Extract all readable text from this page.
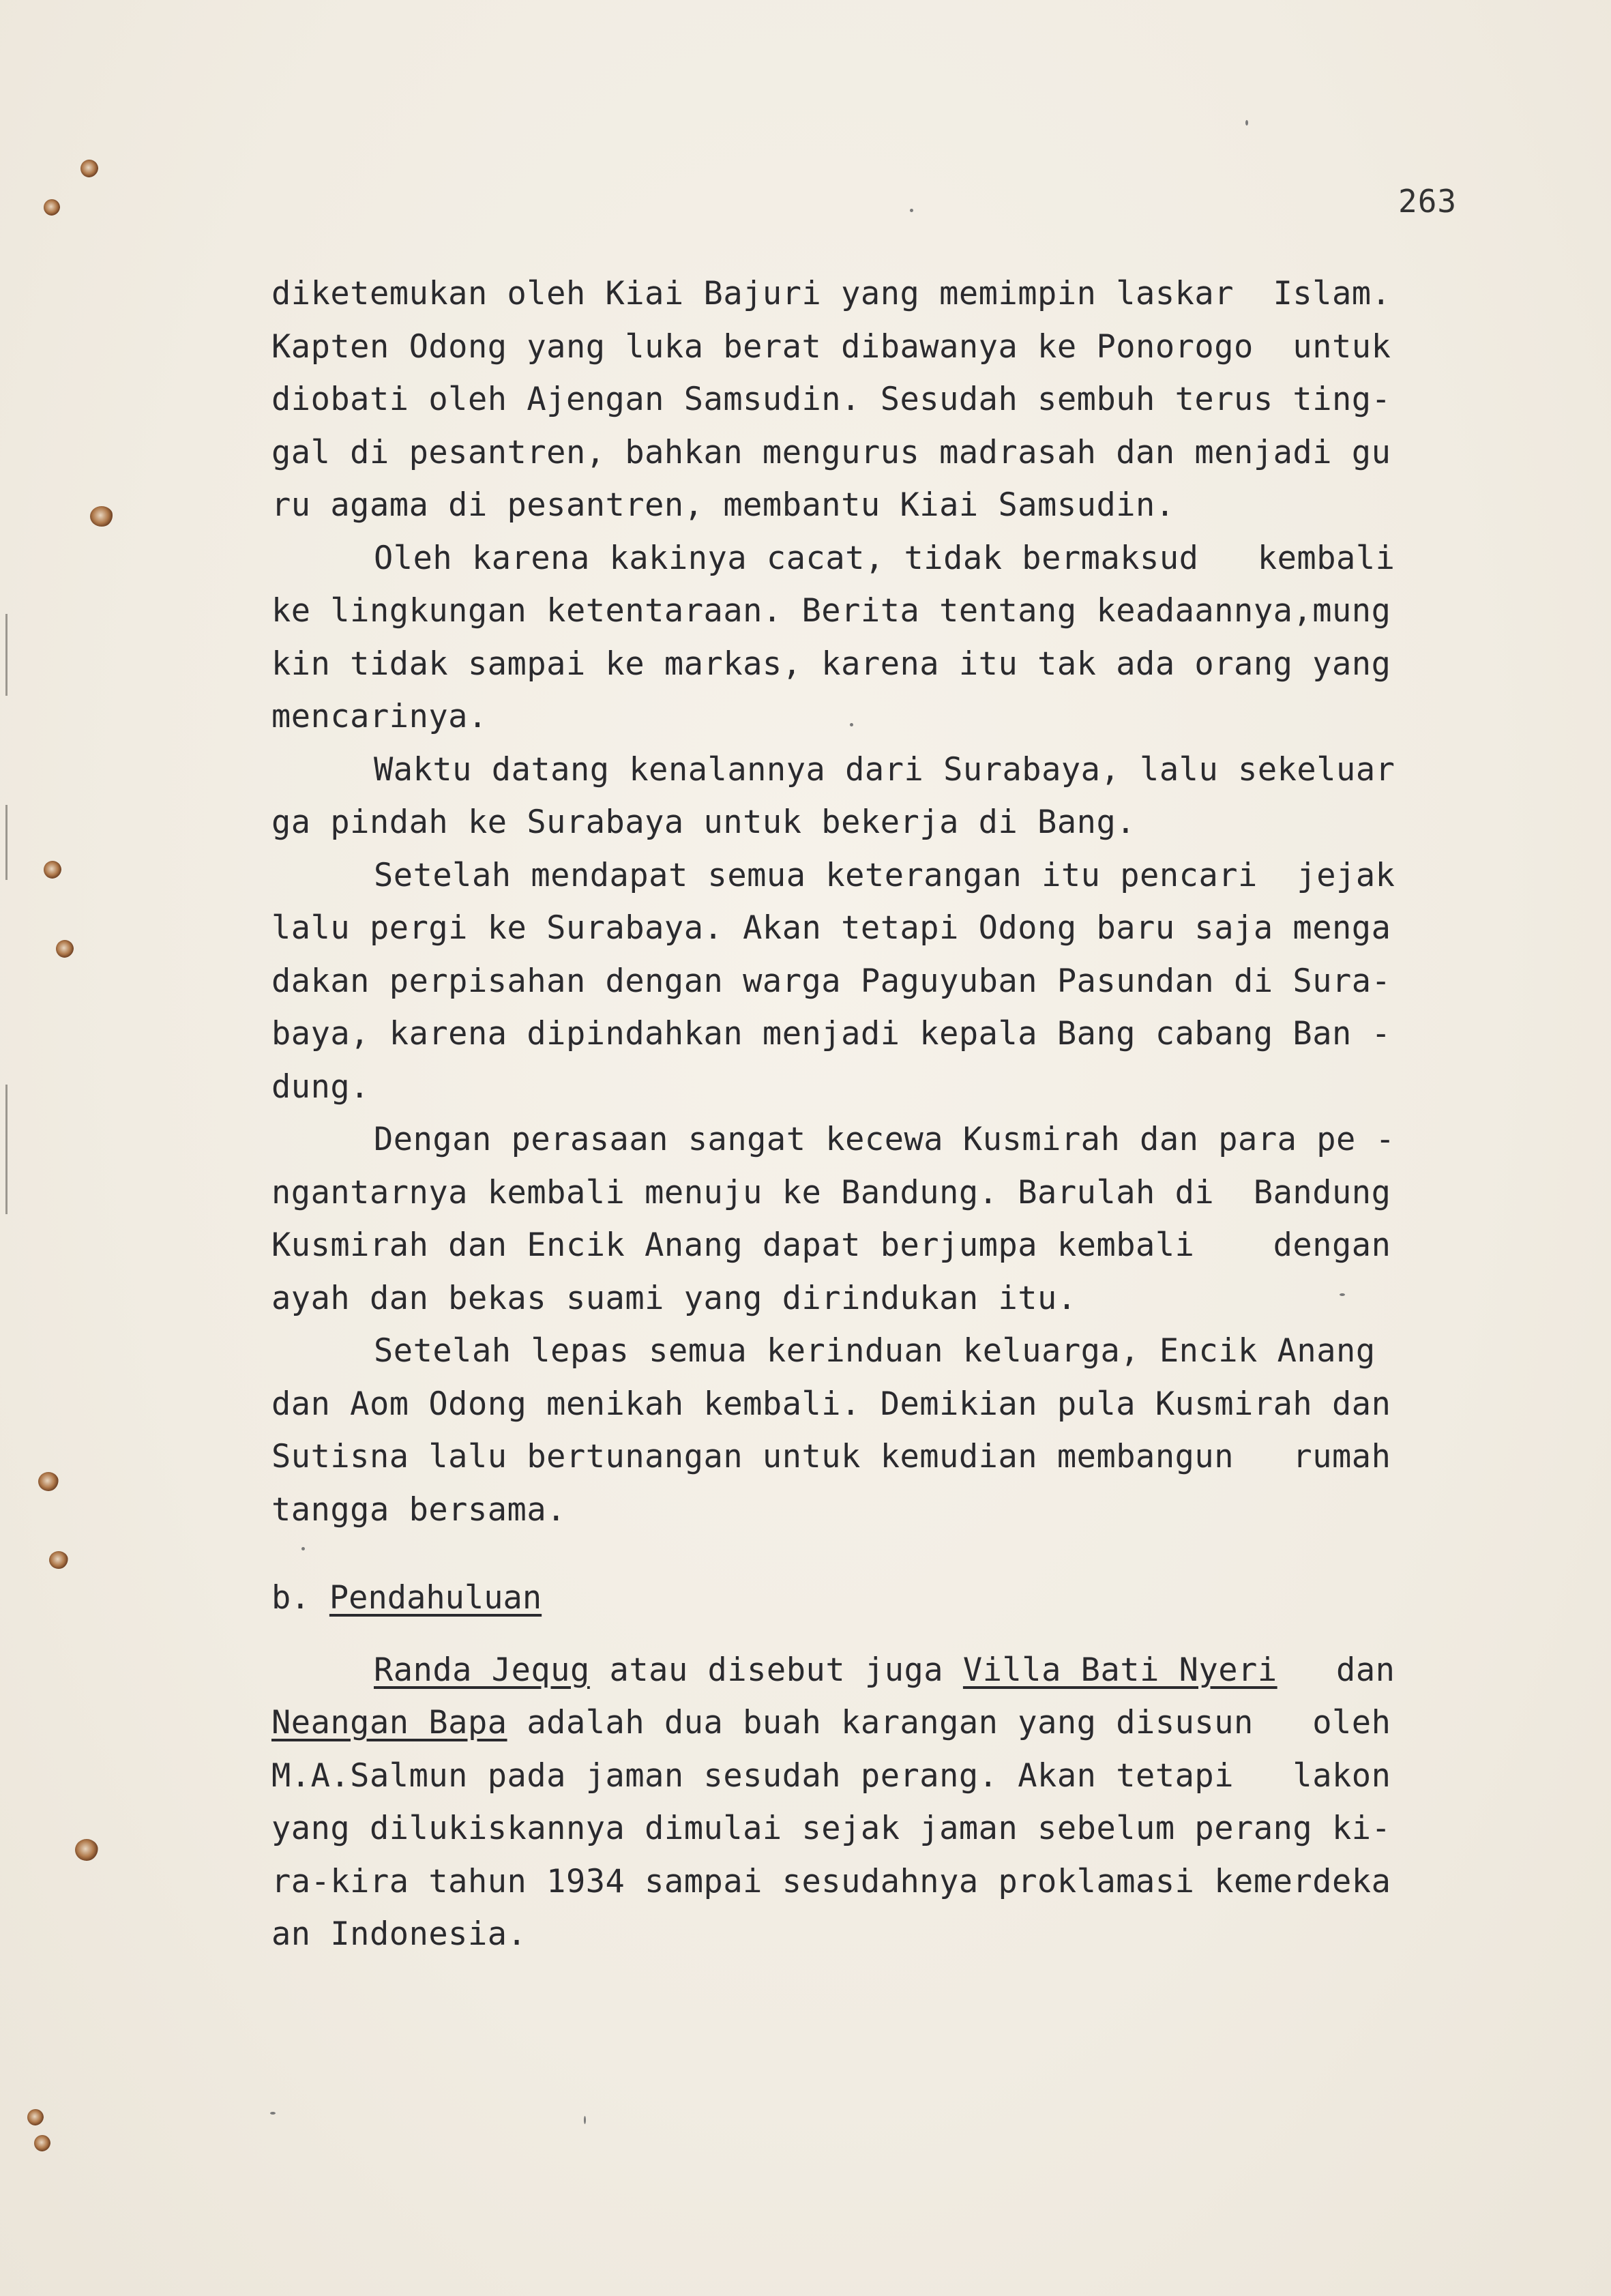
263
diketemukan oleh Kiai Bajuri yang memimpin laskar  Islam.
Kapten Odong yang luka berat dibawanya ke Ponorogo  untuk
diobati oleh Ajengan Samsudin. Sesudah sembuh terus ting-
gal di pesantren, bahkan mengurus madrasah dan menjadi gu
ru agama di pesantren, membantu Kiai Samsudin.
Oleh karena kakinya cacat, tidak bermaksud   kembali
ke lingkungan ketentaraan. Berita tentang keadaannya,mung
kin tidak sampai ke markas, karena itu tak ada orang yang
mencarinya.
Waktu datang kenalannya dari Surabaya, lalu sekeluar
ga pindah ke Surabaya untuk bekerja di Bang.
Setelah mendapat semua keterangan itu pencari  jejak
lalu pergi ke Surabaya. Akan tetapi Odong baru saja menga
dakan perpisahan dengan warga Paguyuban Pasundan di Sura-
baya, karena dipindahkan menjadi kepala Bang cabang Ban -
dung.
Dengan perasaan sangat kecewa Kusmirah dan para pe -
ngantarnya kembali menuju ke Bandung. Barulah di  Bandung
Kusmirah dan Encik Anang dapat berjumpa kembali    dengan
ayah dan bekas suami yang dirindukan itu.
Setelah lepas semua kerinduan keluarga, Encik Anang
dan Aom Odong menikah kembali. Demikian pula Kusmirah dan
Sutisna lalu bertunangan untuk kemudian membangun   rumah
tangga bersama.
b. Pendahuluan
Randa Jequg atau disebut juga Villa Bati Nyeri   dan
Neangan Bapa adalah dua buah karangan yang disusun   oleh
M.A.Salmun pada jaman sesudah perang. Akan tetapi   lakon
yang dilukiskannya dimulai sejak jaman sebelum perang ki-
ra-kira tahun 1934 sampai sesudahnya proklamasi kemerdeka
an Indonesia.
